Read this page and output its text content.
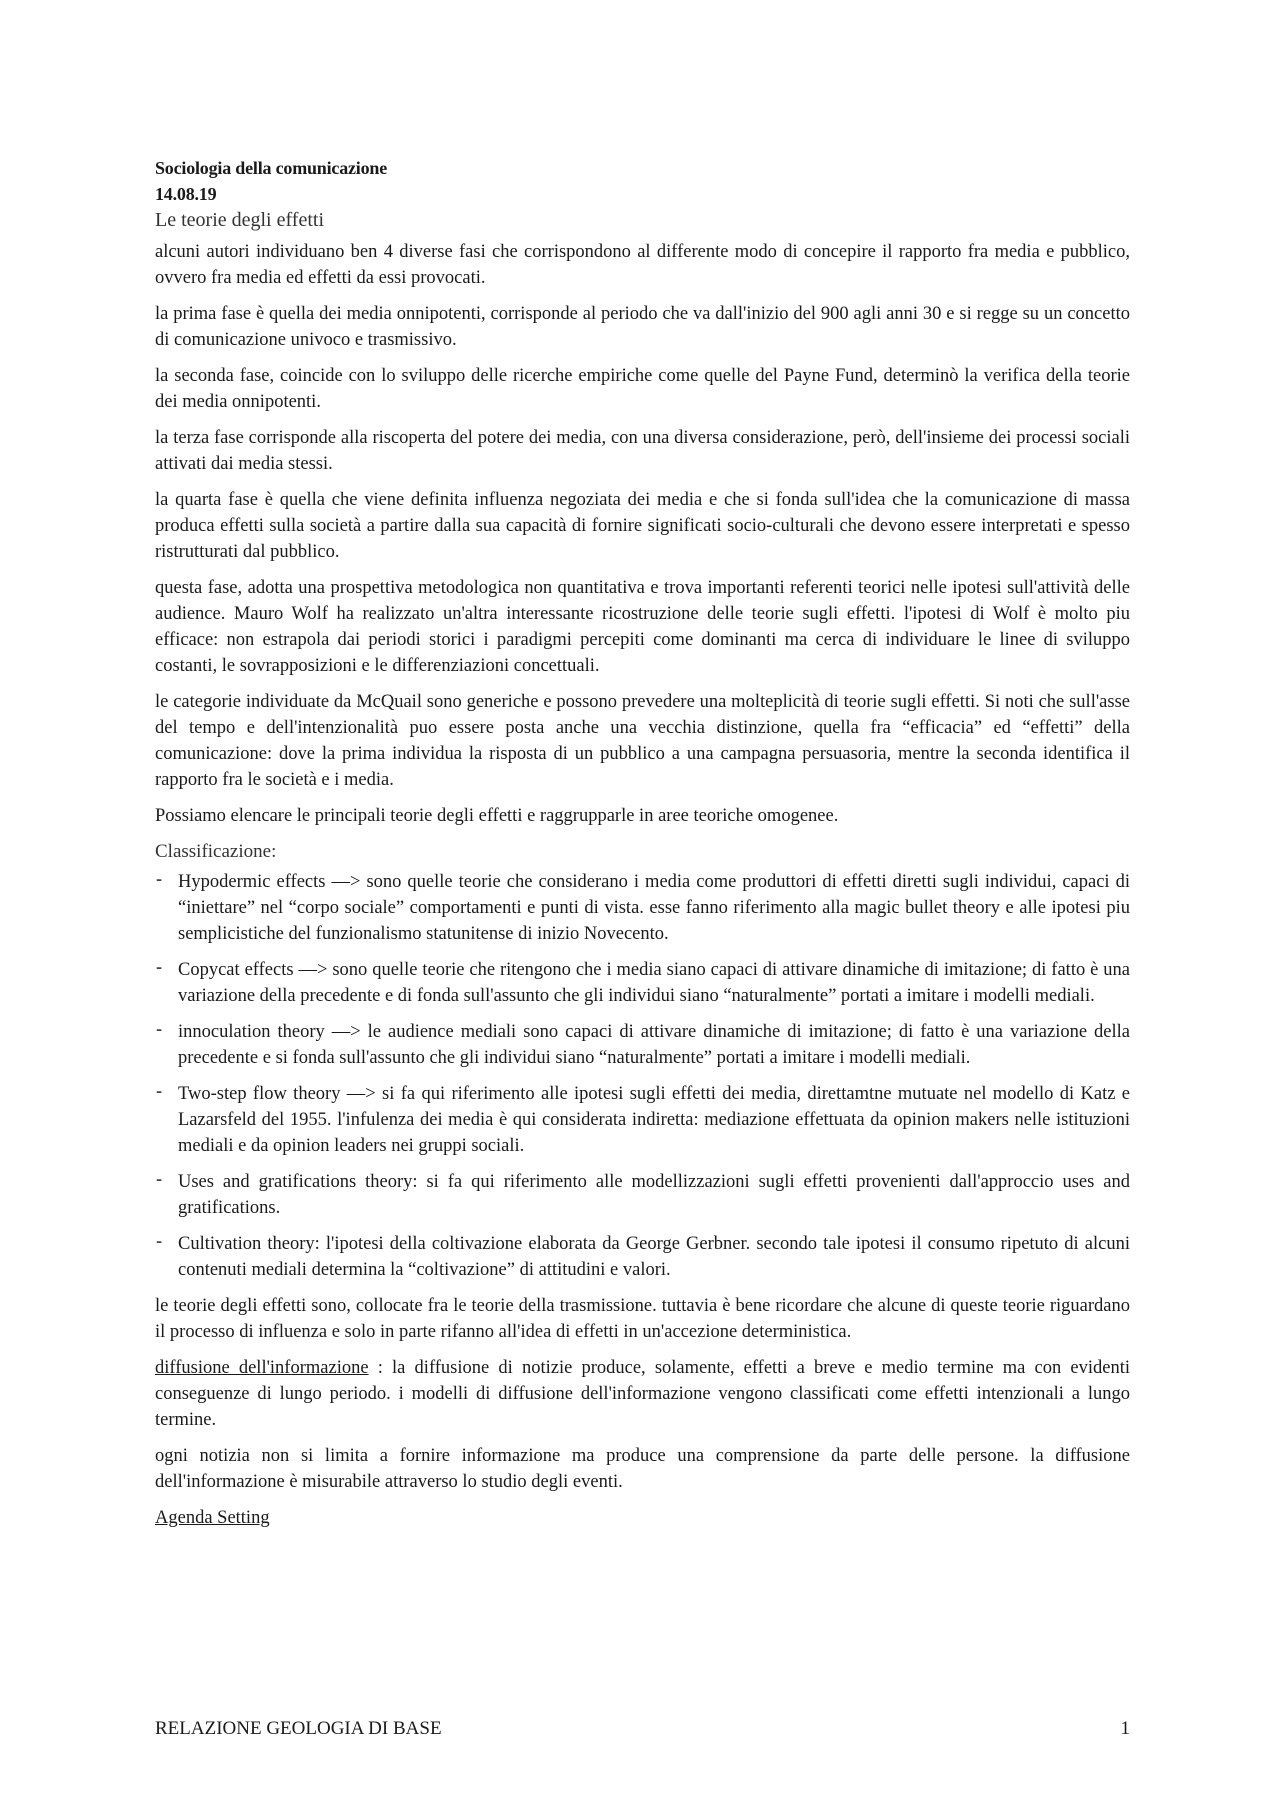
Sociologia della comunicazione

14.08.19

Le teorie degli effetti

alcuni autori individuano ben 4 diverse fasi che corrispondono al differente modo di concepire il rapporto fra media e pubblico, ovvero fra media ed effetti da essi provocati.

la prima fase è quella dei media onnipotenti, corrisponde al periodo che va dall'inizio del 900 agli anni 30 e si regge su un concetto di comunicazione univoco e trasmissivo.

la seconda fase, coincide con lo sviluppo delle ricerche empiriche come quelle del Payne Fund, determinò la verifica della teorie dei media onnipotenti.

la terza fase corrisponde alla riscoperta del potere dei media, con una diversa considerazione, però, dell'insieme dei processi sociali attivati dai media stessi.

la quarta fase è quella che viene definita influenza negoziata dei media e che si fonda sull'idea che la comunicazione di massa produca effetti sulla società a partire dalla sua capacità di fornire significati socio-culturali che devono essere interpretati e spesso ristrutturati dal pubblico.

questa fase, adotta una prospettiva metodologica non quantitativa e trova importanti referenti teorici nelle ipotesi sull'attività delle audience. Mauro Wolf ha realizzato un'altra interessante ricostruzione delle teorie sugli effetti. l'ipotesi di Wolf è molto piu efficace: non estrapola dai periodi storici i paradigmi percepiti come dominanti ma cerca di individuare le linee di sviluppo costanti, le sovrapposizioni e le differenziazioni concettuali.

le categorie individuate da McQuail sono generiche e possono prevedere una molteplicità di teorie sugli effetti. Si noti che sull'asse del tempo e dell'intenzionalità puo essere posta anche una vecchia distinzione, quella fra “efficacia” ed “effetti” della comunicazione: dove la prima individua la risposta di un pubblico a una campagna persuasoria, mentre la seconda identifica il rapporto fra le società e i media.

Possiamo elencare le principali teorie degli effetti e raggrupparle in aree teoriche omogenee.

Classificazione:

⁃ Hypodermic effects —> sono quelle teorie che considerano i media come produttori di effetti diretti sugli individui, capaci di “iniettare” nel “corpo sociale” comportamenti e punti di vista. esse fanno riferimento alla magic bullet theory e alle ipotesi piu semplicistiche del funzionalismo statunitense di inizio Novecento.
⁃ Copycat effects —> sono quelle teorie che ritengono che i media siano capaci di attivare dinamiche di imitazione; di fatto è una variazione della precedente e di fonda sull'assunto che gli individui siano “naturalmente” portati a imitare i modelli mediali.
⁃ innoculation theory —> le audience mediali sono capaci di attivare dinamiche di imitazione; di fatto è una variazione della precedente e si fonda sull'assunto che gli individui siano “naturalmente” portati a imitare i modelli mediali.
⁃ Two-step flow theory —> si fa qui riferimento alle ipotesi sugli effetti dei media, direttamtne mutuate nel modello di Katz e Lazarsfeld del 1955. l'infulenza dei media è qui considerata indiretta: mediazione effettuata da opinion makers nelle istituzioni mediali e da opinion leaders nei gruppi sociali.
⁃ Uses and gratifications theory: si fa qui riferimento alle modellizzazioni sugli effetti provenienti dall'approccio uses and gratifications.
⁃ Cultivation theory: l'ipotesi della coltivazione elaborata da George Gerbner. secondo tale ipotesi il consumo ripetuto di alcuni contenuti mediali determina la “coltivazione” di attitudini e valori.

le teorie degli effetti sono, collocate fra le teorie della trasmissione. tuttavia è bene ricordare che alcune di queste teorie riguardano il processo di influenza e solo in parte rifanno all'idea di effetti in un'accezione deterministica.

diffusione dell'informazione : la diffusione di notizie produce, solamente, effetti a breve e medio termine ma con evidenti conseguenze di lungo periodo. i modelli di diffusione dell'informazione vengono classificati come effetti intenzionali a lungo termine.

ogni notizia non si limita a fornire informazione ma produce una comprensione da parte delle persone. la diffusione dell'informazione è misurabile attraverso lo studio degli eventi.

Agenda Setting

RELAZIONE GEOLOGIA DI BASE	1
